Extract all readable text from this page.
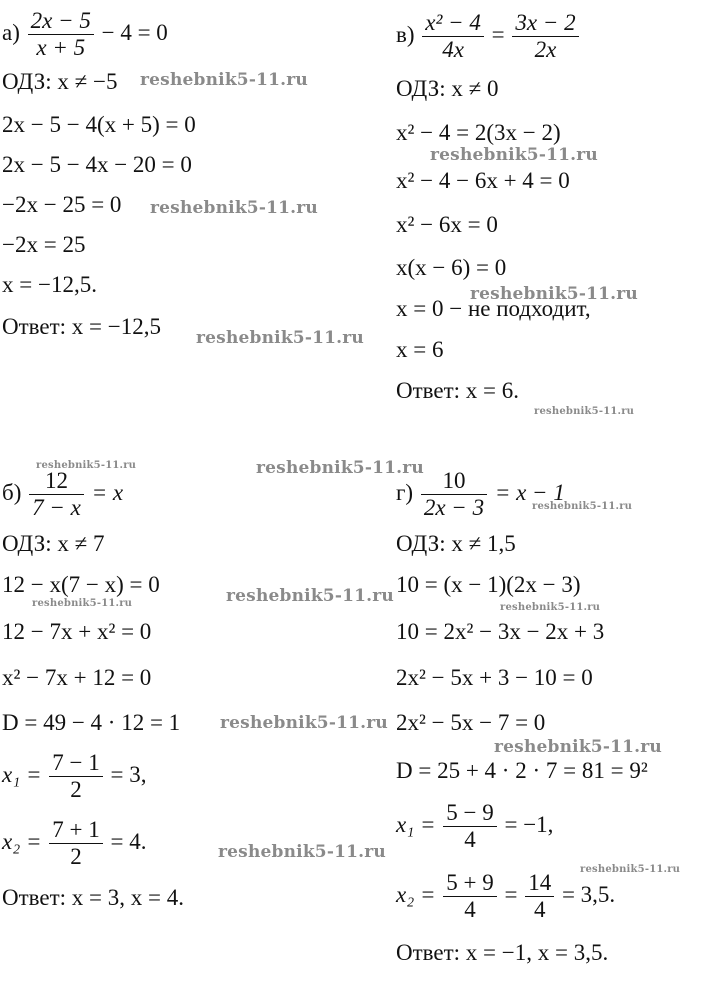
$а) \frac{2x - 5}{x + 5} - 4 = 0$
ОДЗ: x ≠ −5
2x − 5 − 4(x + 5) = 0
2x − 5 − 4x − 20 = 0
−2x − 25 = 0
−2x = 25
x = −12,5.
Ответ: x = −12,5
$в) \frac{\text{x² − 4}}{4x} = \frac{3x - 2}{2x}$
ОДЗ: x ≠ 0
x² − 4 = 2(3x − 2)
x² − 4 − 6x + 4 = 0
x² − 6x = 0
x(x − 6) = 0
x = 0 − не подходит,
x = 6
Ответ: x = 6.
$б) \frac{12}{7 - x} = x$
ОДЗ: x ≠ 7
12 − x(7 − x) = 0
12 − 7x + x² = 0
x² − 7x + 12 = 0
D = 49 − 4 · 12 = 1
$x_1 = \frac{7 - 1}{2} = 3$,
$x_2 = \frac{7 + 1}{2} = 4$.
Ответ: x = 3, x = 4.
$г) \frac{10}{2x - 3} = x - 1$
ОДЗ: x ≠ 1,5
10 = (x − 1)(2x − 3)
10 = 2x² − 3x − 2x + 3
2x² − 5x + 3 − 10 = 0
2x² − 5x − 7 = 0
D = 25 + 4 · 2 · 7 = 81 = 9²
$x_1 = \frac{5 - 9}{4} = -1$,
$x_2 = \frac{5 + 9}{4} = \frac{14}{4} = 3,5$.
Ответ: x = −1, x = 3,5.
reshebnik5-11.ru
reshebnik5-11.ru
reshebnik5-11.ru
reshebnik5-11.ru
reshebnik5-11.ru
reshebnik5-11.ru
reshebnik5-11.ru	reshebnik5-11.ru
reshebnik5-11.ru
reshebnik5-11.ru
reshebnik5-11.ru	reshebnik5-11.ru
reshebnik5-11.ru
reshebnik5-11.ru
reshebnik5-11.ru
reshebnik5-11.ru
